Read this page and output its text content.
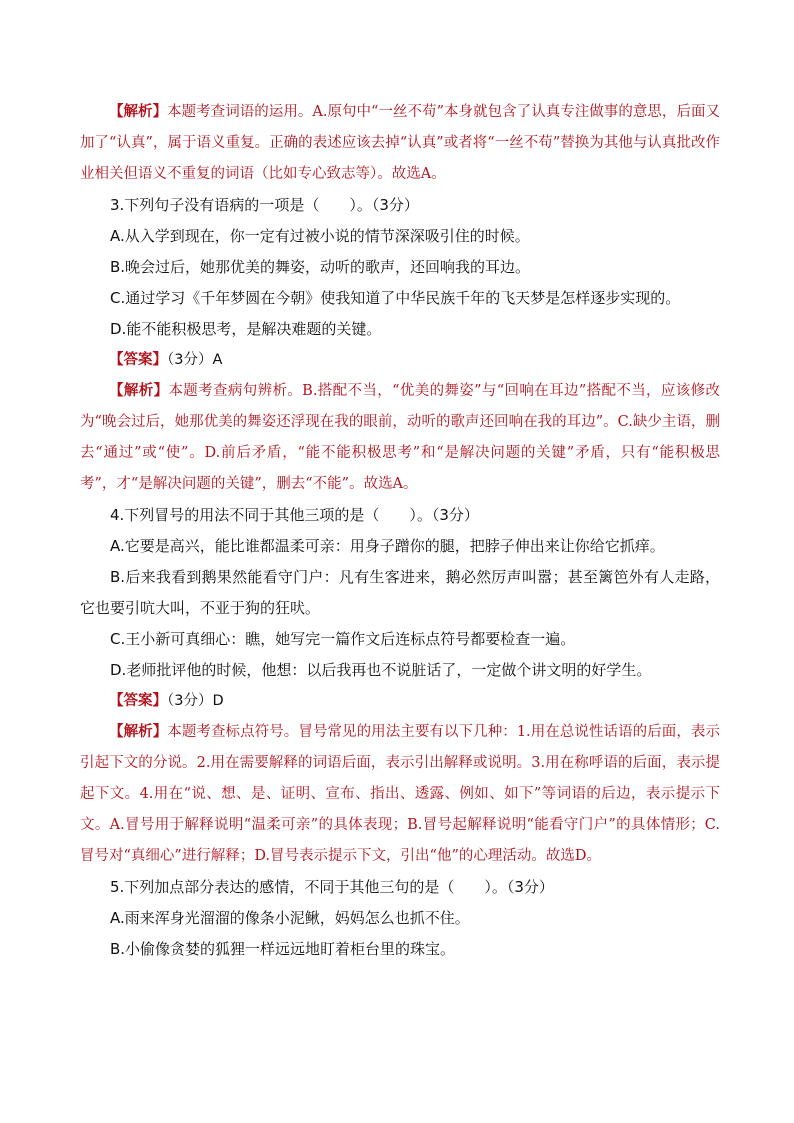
【解析】本题考查词语的运用。A.原句中“一丝不苟”本身就包含了认真专注做事的意思，后面又加了“认真”，属于语义重复。正确的表述应该去掉“认真”或者将“一丝不苟”替换为其他与认真批改作业相关但语义不重复的词语（比如专心致志等）。故选A。

3.下列句子没有语病的一项是（　　）。（3分）

A.从入学到现在，你一定有过被小说的情节深深吸引住的时候。

B.晚会过后，她那优美的舞姿，动听的歌声，还回响我的耳边。

C.通过学习《千年梦圆在今朝》使我知道了中华民族千年的飞天梦是怎样逐步实现的。

D.能不能积极思考，是解决难题的关键。

【答案】（3分）A

【解析】本题考查病句辨析。B.搭配不当，“优美的舞姿”与“回响在耳边”搭配不当，应该修改为“晚会过后，她那优美的舞姿还浮现在我的眼前，动听的歌声还回响在我的耳边”。C.缺少主语，删去“通过”或“使”。D.前后矛盾，“能不能积极思考”和“是解决问题的关键”矛盾，只有“能积极思考”，才“是解决问题的关键”，删去“不能”。故选A。

4.下列冒号的用法不同于其他三项的是（　　）。（3分）

A.它要是高兴，能比谁都温柔可亲：用身子蹭你的腿，把脖子伸出来让你给它抓痒。

B.后来我看到鹅果然能看守门户：凡有生客进来，鹅必然厉声叫嚣；甚至篱笆外有人走路，它也要引吭大叫，不亚于狗的狂吠。

C.王小新可真细心：瞧，她写完一篇作文后连标点符号都要检查一遍。

D.老师批评他的时候，他想：以后我再也不说脏话了，一定做个讲文明的好学生。

【答案】（3分）D

【解析】本题考查标点符号。冒号常见的用法主要有以下几种：1.用在总说性话语的后面，表示引起下文的分说。2.用在需要解释的词语后面，表示引出解释或说明。3.用在称呼语的后面，表示提起下文。4.用在“说、想、是、证明、宣布、指出、透露、例如、如下”等词语的后边，表示提示下文。A.冒号用于解释说明“温柔可亲”的具体表现；B.冒号起解释说明“能看守门户”的具体情形；C.冒号对“真细心”进行解释；D.冒号表示提示下文，引出“他”的心理活动。故选D。

5.下列加点部分表达的感情，不同于其他三句的是（　　）。（3分）

A.雨来浑身光溜溜的像条小泥鳅，妈妈怎么也抓不住。

B.小偷像贪婪的狐狸一样远远地盯着柜台里的珠宝。
